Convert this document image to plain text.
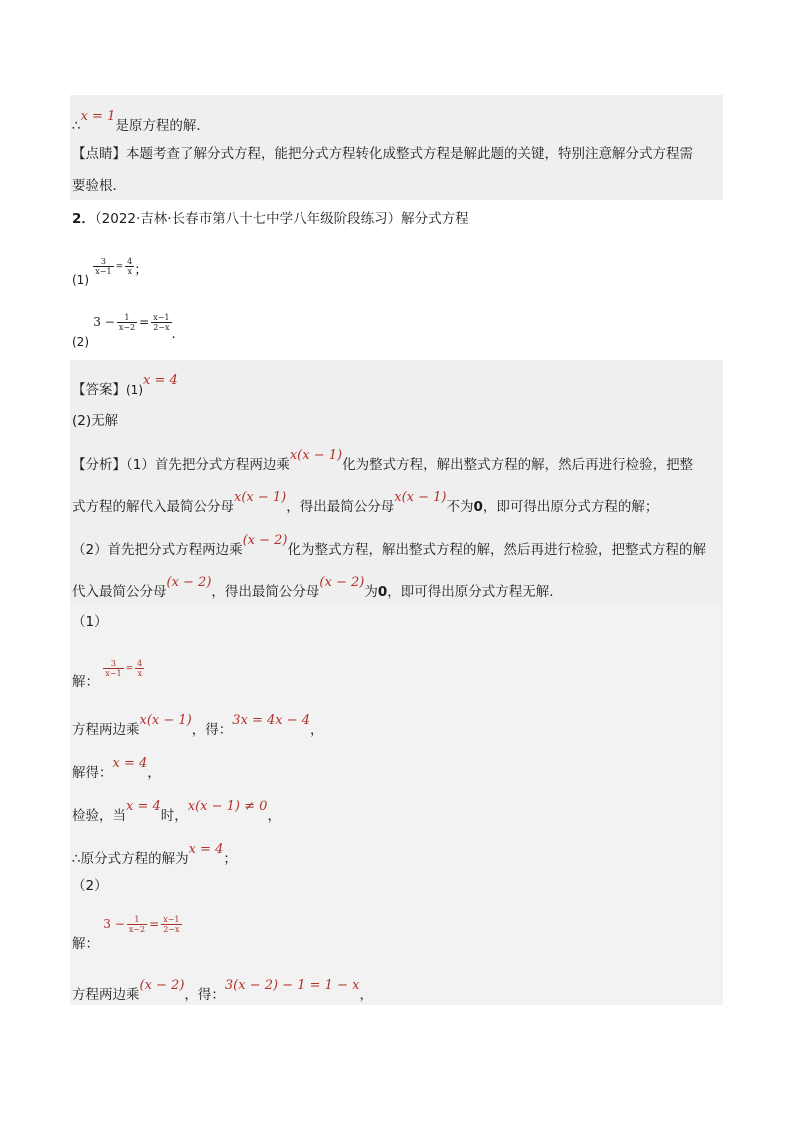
∴x = 1是原方程的解．
【点睛】本题考查了解分式方程，能把分式方程转化成整式方程是解此题的关键，特别注意解分式方程需
要验根．
2．（2022·吉林·长春市第八十七中学八年级阶段练习）解分式方程
(1)
$\frac{3}{x-1} = \frac{4}{x}$ ；
(2)
$3 - \frac{1}{x-2} = \frac{x-1}{2-x}$
．
【答案】(1)x = 4
(2)无解
【分析】（1）首先把分式方程两边乘x(x − 1)化为整式方程，解出整式方程的解，然后再进行检验，把整
式方程的解代入最简公分母x(x − 1)，得出最简公分母x(x − 1)不为0，即可得出原分式方程的解；
（2）首先把分式方程两边乘(x − 2)化为整式方程，解出整式方程的解，然后再进行检验，把整式方程的解
代入最简公分母(x − 2)，得出最简公分母(x − 2)为0，即可得出原分式方程无解．
（1）
解：
$\frac{3}{x-1} = \frac{4}{x}$
方程两边乘x(x − 1)，得：3x = 4x − 4，
解得：x = 4，
检验，当x = 4时，x(x − 1) ≠ 0，
∴原分式方程的解为x = 4；
（2）
解：
$3 - \frac{1}{x-2} = \frac{x-1}{2-x}$
方程两边乘(x − 2)，得：3(x − 2) − 1 = 1 − x，
